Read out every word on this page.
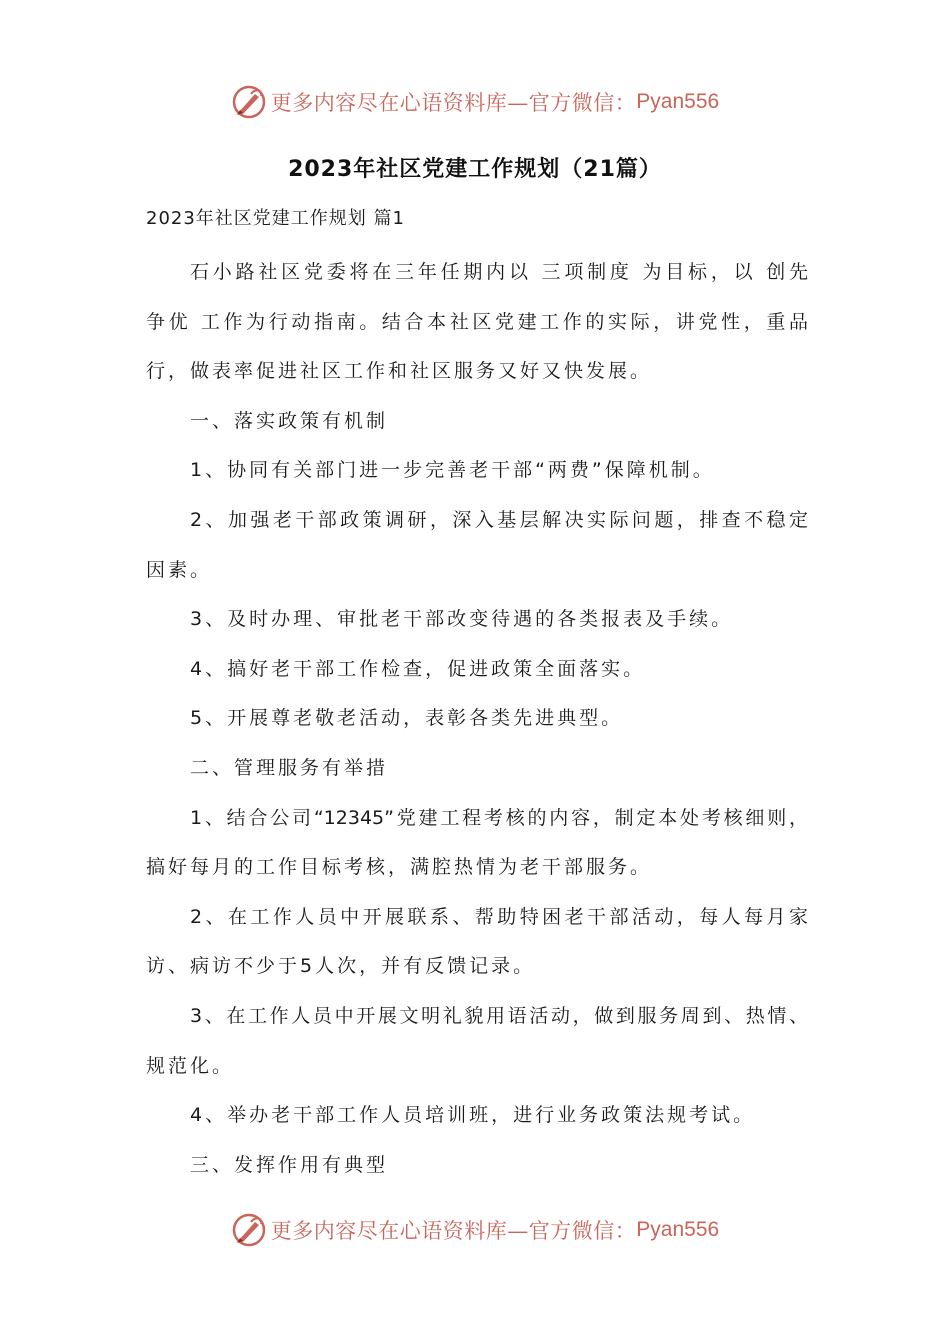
更多内容尽在心语资料库—官方微信： Pyan556
2023年社区党建工作规划（21篇）
2023年社区党建工作规划 篇1
石小路社区党委将在三年任期内以 三项制度 为目标，以 创先
争优 工作为行动指南。结合本社区党建工作的实际，讲党性，重品
行，做表率促进社区工作和社区服务又好又快发展。
一、落实政策有机制
1、协同有关部门进一步完善老干部“两费”保障机制。
2、加强老干部政策调研，深入基层解决实际问题，排查不稳定
因素。
3、及时办理、审批老干部改变待遇的各类报表及手续。
4、搞好老干部工作检查，促进政策全面落实。
5、开展尊老敬老活动，表彰各类先进典型。
二、管理服务有举措
1、结合公司“12345”党建工程考核的内容，制定本处考核细则，
搞好每月的工作目标考核，满腔热情为老干部服务。
2、在工作人员中开展联系、帮助特困老干部活动，每人每月家
访、病访不少于5人次，并有反馈记录。
3、在工作人员中开展文明礼貌用语活动，做到服务周到、热情、
规范化。
4、举办老干部工作人员培训班，进行业务政策法规考试。
三、发挥作用有典型
更多内容尽在心语资料库—官方微信： Pyan556
